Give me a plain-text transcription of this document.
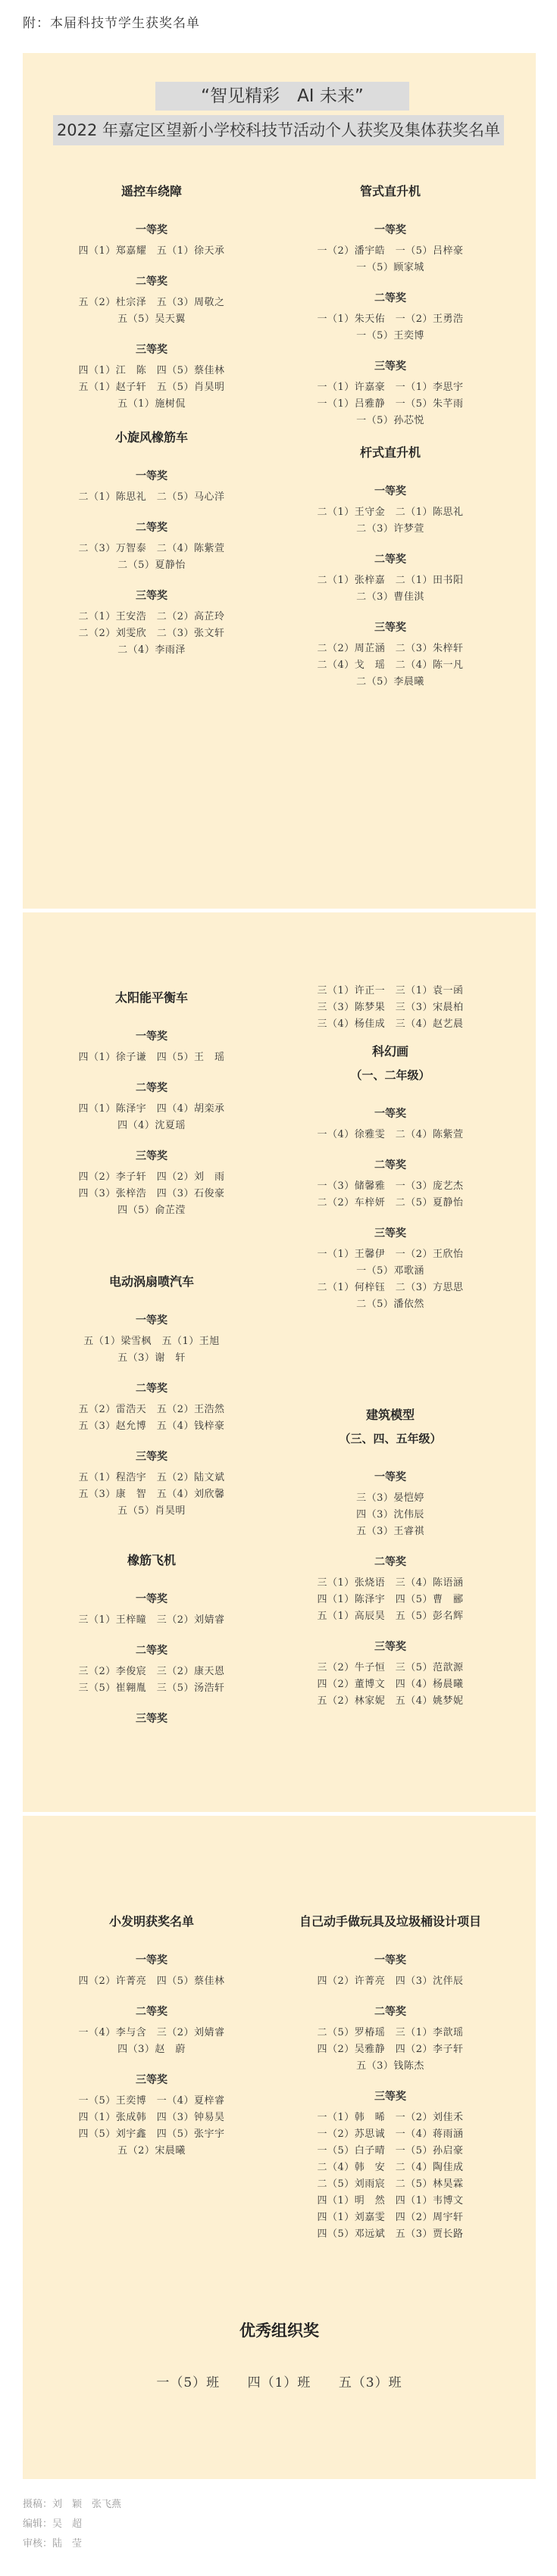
附：本届科技节学生获奖名单
“智见精彩　AI 未来”
2022 年嘉定区望新小学校科技节活动个人获奖及集体获奖名单
遥控车绕障
一等奖
四（1）郑嘉耀　五（1）徐天承
二等奖
五（2）杜宗泽　五（3）周敬之
五（5）吴天翼
三等奖
四（1）江　陈　四（5）蔡佳林
五（1）赵子轩　五（5）肖昊明
五（1）施树侃
小旋风橡筋车
一等奖
二（1）陈思礼　二（5）马心洋
二等奖
二（3）万智泰　二（4）陈紫萱
二（5）夏静怡
三等奖
二（1）王安浩　二（2）高芷玲
二（2）刘雯欣　二（3）张文轩
二（4）李雨泽
管式直升机
一等奖
一（2）潘宇皓　一（5）吕梓豪
一（5）顾家城
二等奖
一（1）朱天佑　一（2）王勇浩
一（5）王奕博
三等奖
一（1）许嘉豪　一（1）李思宇
一（1）吕雅静　一（5）朱芊雨
一（5）孙芯悦
杆式直升机
一等奖
二（1）王守金　二（1）陈思礼
二（3）许梦萱
二等奖
二（1）张梓嘉　二（1）田书阳
二（3）曹佳淇
三等奖
二（2）周芷涵　二（3）朱梓轩
二（4）戈　瑶　二（4）陈一凡
二（5）李晨曦
太阳能平衡车
一等奖
四（1）徐子谦　四（5）王　瑶
二等奖
四（1）陈泽宇　四（4）胡栾承
四（4）沈夏瑶
三等奖
四（2）李子轩　四（2）刘　雨
四（3）张梓浩　四（3）石俊豪
四（5）俞芷滢
电动涡扇喷汽车
一等奖
五（1）梁雪枫　五（1）王旭
五（3）谢　轩
二等奖
五（2）雷浩天　五（2）王浩然
五（3）赵允博　五（4）钱梓豪
三等奖
五（1）程浩宇　五（2）陆文斌
五（3）康　智　五（4）刘欣馨
五（5）肖昊明
橡筋飞机
一等奖
三（1）王梓瞳　三（2）刘婧睿
二等奖
三（2）李俊宸　三（2）康天恩
三（5）崔翱胤　三（5）汤浩轩
三等奖
三（1）许正一　三（1）袁一函
三（3）陈梦果　三（3）宋晨柏
三（4）杨佳成　三（4）赵艺晨
科幻画
（一、二年级）
一等奖
一（4）徐雅雯　二（4）陈紫萱
二等奖
一（3）储馨雅　一（3）庞艺杰
二（2）车梓妍　二（5）夏静怡
三等奖
一（1）王馨伊　一（2）王欣怡
一（5）邓歌涵
二（1）何梓钰　二（3）方思思
二（5）潘依然
建筑模型
（三、四、五年级）
一等奖
三（3）晏恺婷
四（3）沈伟辰
五（3）王睿祺
二等奖
三（1）张烧语　三（4）陈语涵
四（1）陈泽宇　四（5）曹　郦
五（1）高辰昊　五（5）彭名辉
三等奖
三（2）牛子恒　三（5）范歆源
四（2）董博文　四（4）杨晨曦
五（2）林家妮　五（4）姚梦妮
优秀组织奖
一（5）班 四（1）班 五（3）班
小发明获奖名单
一等奖
四（2）许菁亮　四（5）蔡佳林
二等奖
一（4）李与含　三（2）刘婧睿
四（3）赵　蔚
三等奖
一（5）王奕博　一（4）夏梓睿
四（1）张成韩　四（3）钟易昊
四（5）刘宇鑫　四（5）张宇宇
五（2）宋晨曦
自己动手做玩具及垃圾桶设计项目
一等奖
四（2）许菁亮　四（3）沈伴辰
二等奖
二（5）罗椿瑶　三（1）李歆瑶
四（2）吴雅静　四（2）李子轩
五（3）钱陈杰
三等奖
一（1）韩　晞　一（2）刘佳禾
一（2）苏思诚　一（4）蒋雨涵
一（5）白子晴　一（5）孙启豪
二（4）韩　安　二（4）陶佳成
二（5）刘雨宸　二（5）林昊霖
四（1）明　然　四（1）韦博文
四（1）刘嘉雯　四（2）周宇轩
四（5）邓远斌　五（3）贾长路
摄稿：刘　颖　张飞燕
编辑：吴　超
审核：陆　莹
